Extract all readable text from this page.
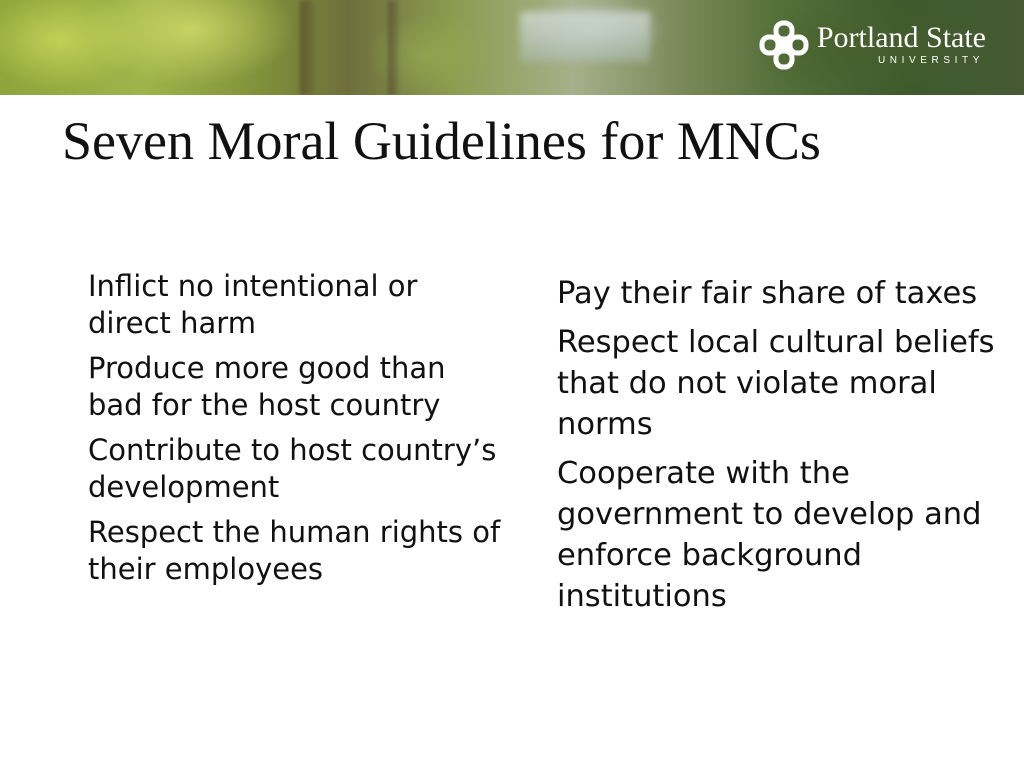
Portland State
UNIVERSITY
Seven Moral Guidelines for MNCs
Inflict no intentional or direct harm
Produce more good than bad for the host country
Contribute to host country’s development
Respect the human rights of their employees
Pay their fair share of taxes
Respect local cultural beliefs that do not violate moral norms
Cooperate with the government to develop and enforce background institutions
